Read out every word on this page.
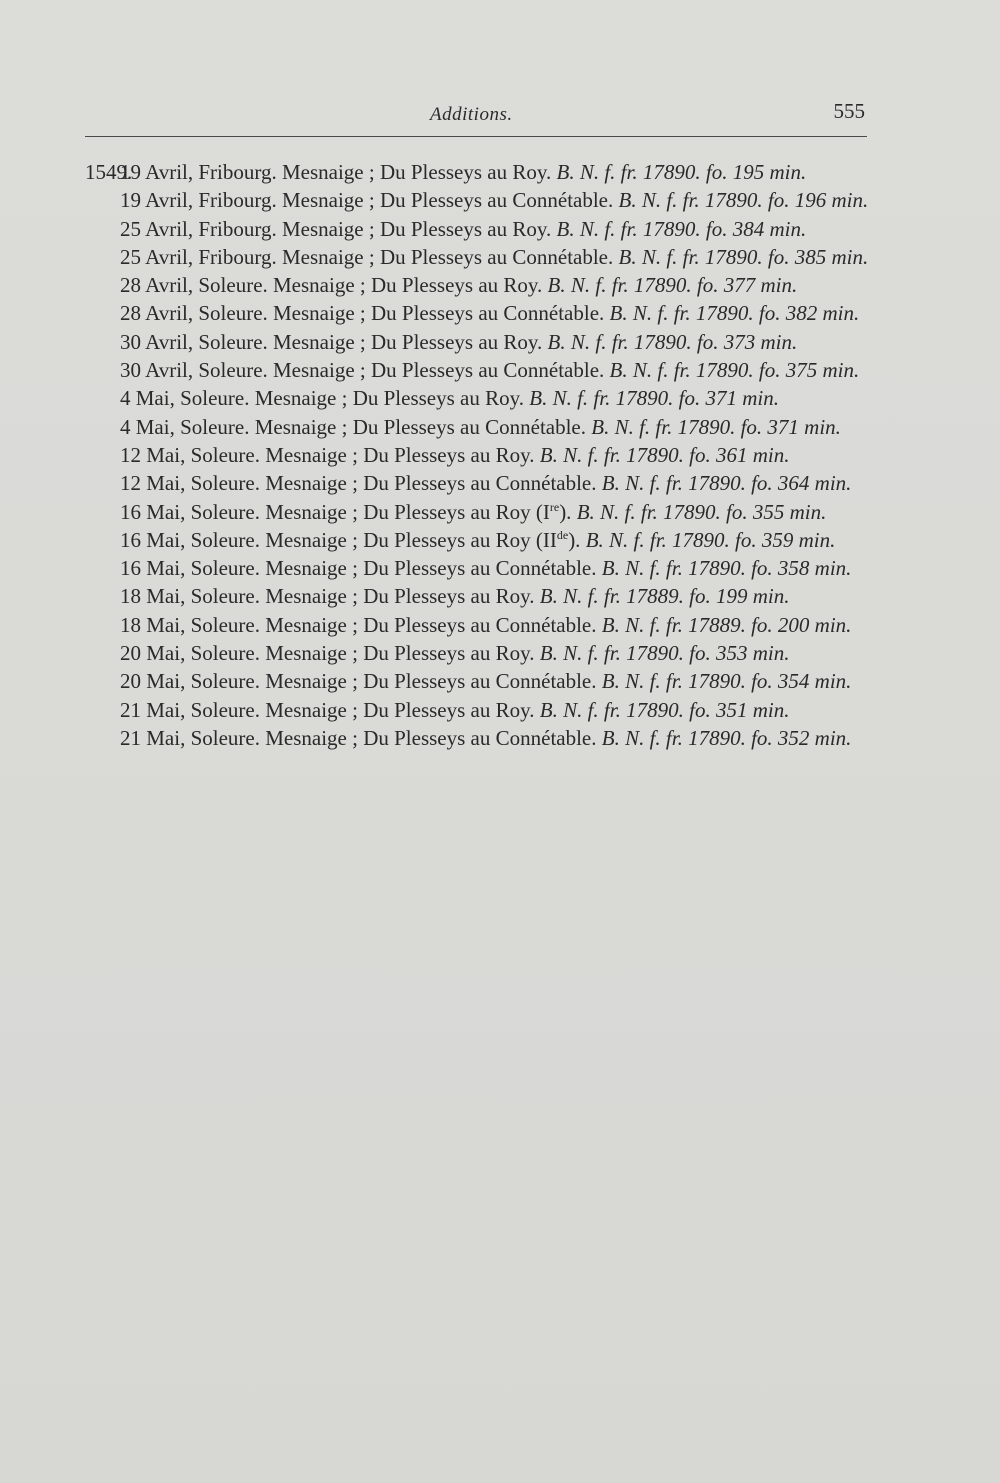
Additions.	555
1549.
19 Avril, Fribourg. Mesnaige ; Du Plesseys au Roy. B. N. f. fr. 17890. fo. 195 min.
19 Avril, Fribourg. Mesnaige ; Du Plesseys au Connétable. B. N. f. fr. 17890. fo. 196 min.
25 Avril, Fribourg. Mesnaige ; Du Plesseys au Roy. B. N. f. fr. 17890. fo. 384 min.
25 Avril, Fribourg. Mesnaige ; Du Plesseys au Connétable. B. N. f. fr. 17890. fo. 385 min.
28 Avril, Soleure. Mesnaige ; Du Plesseys au Roy. B. N. f. fr. 17890. fo. 377 min.
28 Avril, Soleure. Mesnaige ; Du Plesseys au Connétable. B. N. f. fr. 17890. fo. 382 min.
30 Avril, Soleure. Mesnaige ; Du Plesseys au Roy. B. N. f. fr. 17890. fo. 373 min.
30 Avril, Soleure. Mesnaige ; Du Plesseys au Connétable. B. N. f. fr. 17890. fo. 375 min.
4 Mai, Soleure. Mesnaige ; Du Plesseys au Roy. B. N. f. fr. 17890. fo. 371 min.
4 Mai, Soleure. Mesnaige ; Du Plesseys au Connétable. B. N. f. fr. 17890. fo. 371 min.
12 Mai, Soleure. Mesnaige ; Du Plesseys au Roy. B. N. f. fr. 17890. fo. 361 min.
12 Mai, Soleure. Mesnaige ; Du Plesseys au Connétable. B. N. f. fr. 17890. fo. 364 min.
16 Mai, Soleure. Mesnaige ; Du Plesseys au Roy (Ire). B. N. f. fr. 17890. fo. 355 min.
16 Mai, Soleure. Mesnaige ; Du Plesseys au Roy (IIde). B. N. f. fr. 17890. fo. 359 min.
16 Mai, Soleure. Mesnaige ; Du Plesseys au Connétable. B. N. f. fr. 17890. fo. 358 min.
18 Mai, Soleure. Mesnaige ; Du Plesseys au Roy. B. N. f. fr. 17889. fo. 199 min.
18 Mai, Soleure. Mesnaige ; Du Plesseys au Connétable. B. N. f. fr. 17889. fo. 200 min.
20 Mai, Soleure. Mesnaige ; Du Plesseys au Roy. B. N. f. fr. 17890. fo. 353 min.
20 Mai, Soleure. Mesnaige ; Du Plesseys au Connétable. B. N. f. fr. 17890. fo. 354 min.
21 Mai, Soleure. Mesnaige ; Du Plesseys au Roy. B. N. f. fr. 17890. fo. 351 min.
21 Mai, Soleure. Mesnaige ; Du Plesseys au Connétable. B. N. f. fr. 17890. fo. 352 min.
